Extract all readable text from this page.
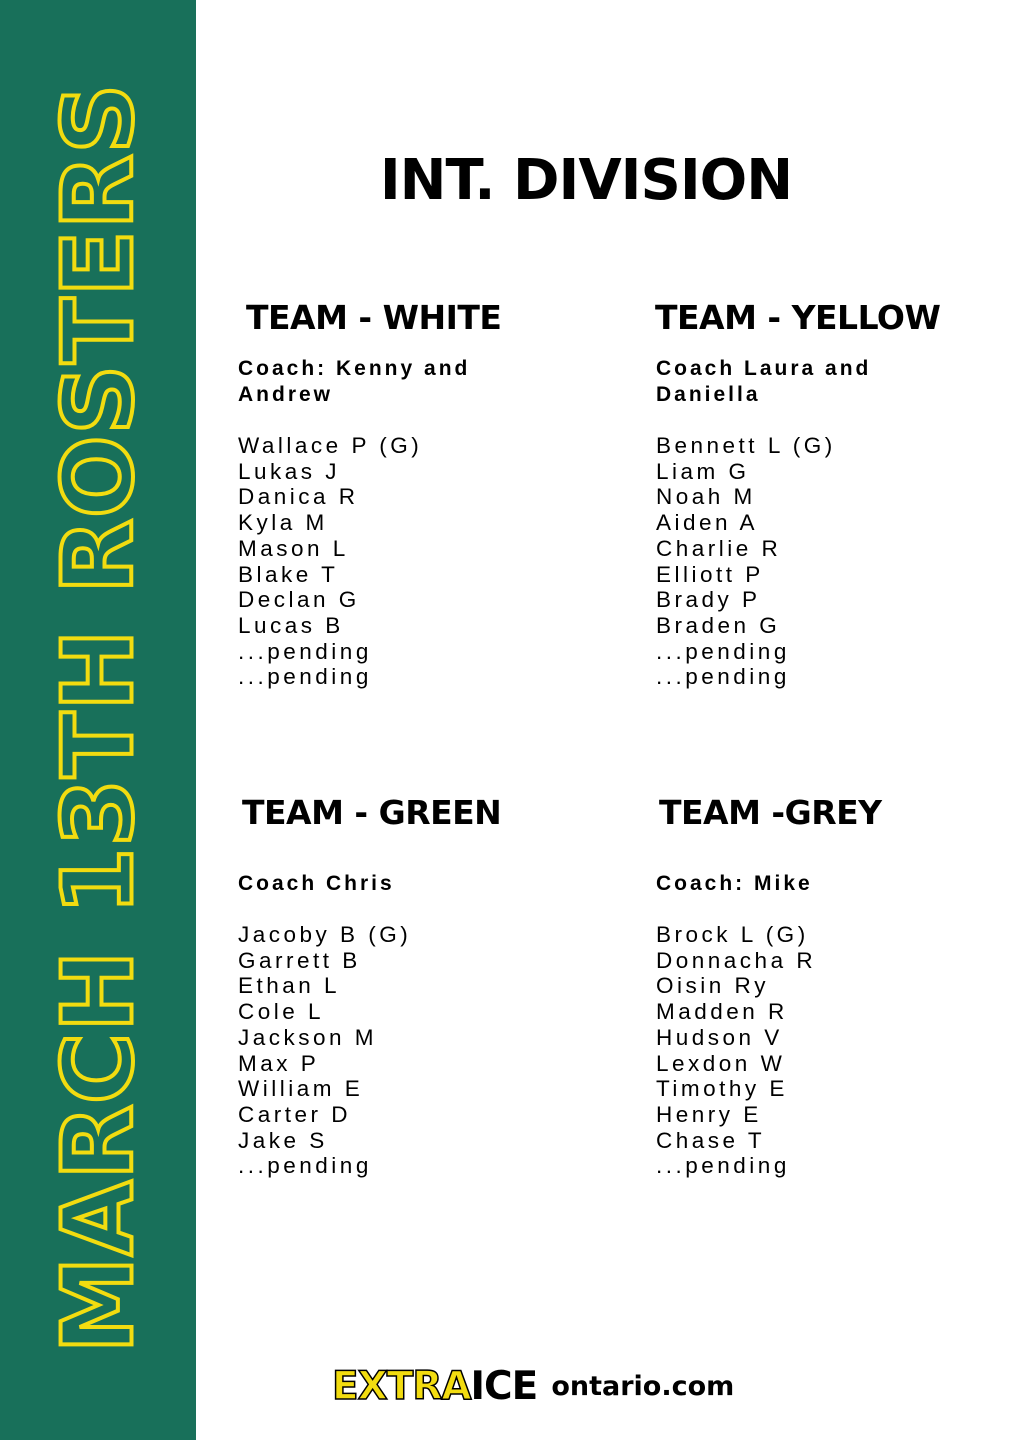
MARCH 13TH ROSTERS	INT. DIVISION
TEAM - WHITE

Coach: Kenny and Andrew

Wallace P (G)
Lukas J
Danica R
Kyla M
Mason L
Blake T
Declan G
Lucas B
...pending
...pending
TEAM - YELLOW

Coach Laura and Daniella

Bennett L (G)
Liam G
Noah M
Aiden A
Charlie R
Elliott P
Brady P
Braden G
...pending
...pending
TEAM - GREEN

Coach Chris

Jacoby B (G)
Garrett B
Ethan L
Cole L
Jackson M
Max P
William E
Carter D
Jake S
...pending
TEAM -GREY

Coach: Mike

Brock L (G)
Donnacha R
Oisin Ry
Madden R
Hudson V
Lexdon W
Timothy E
Henry E
Chase T
...pending
EXTRA ICE ontario.com
